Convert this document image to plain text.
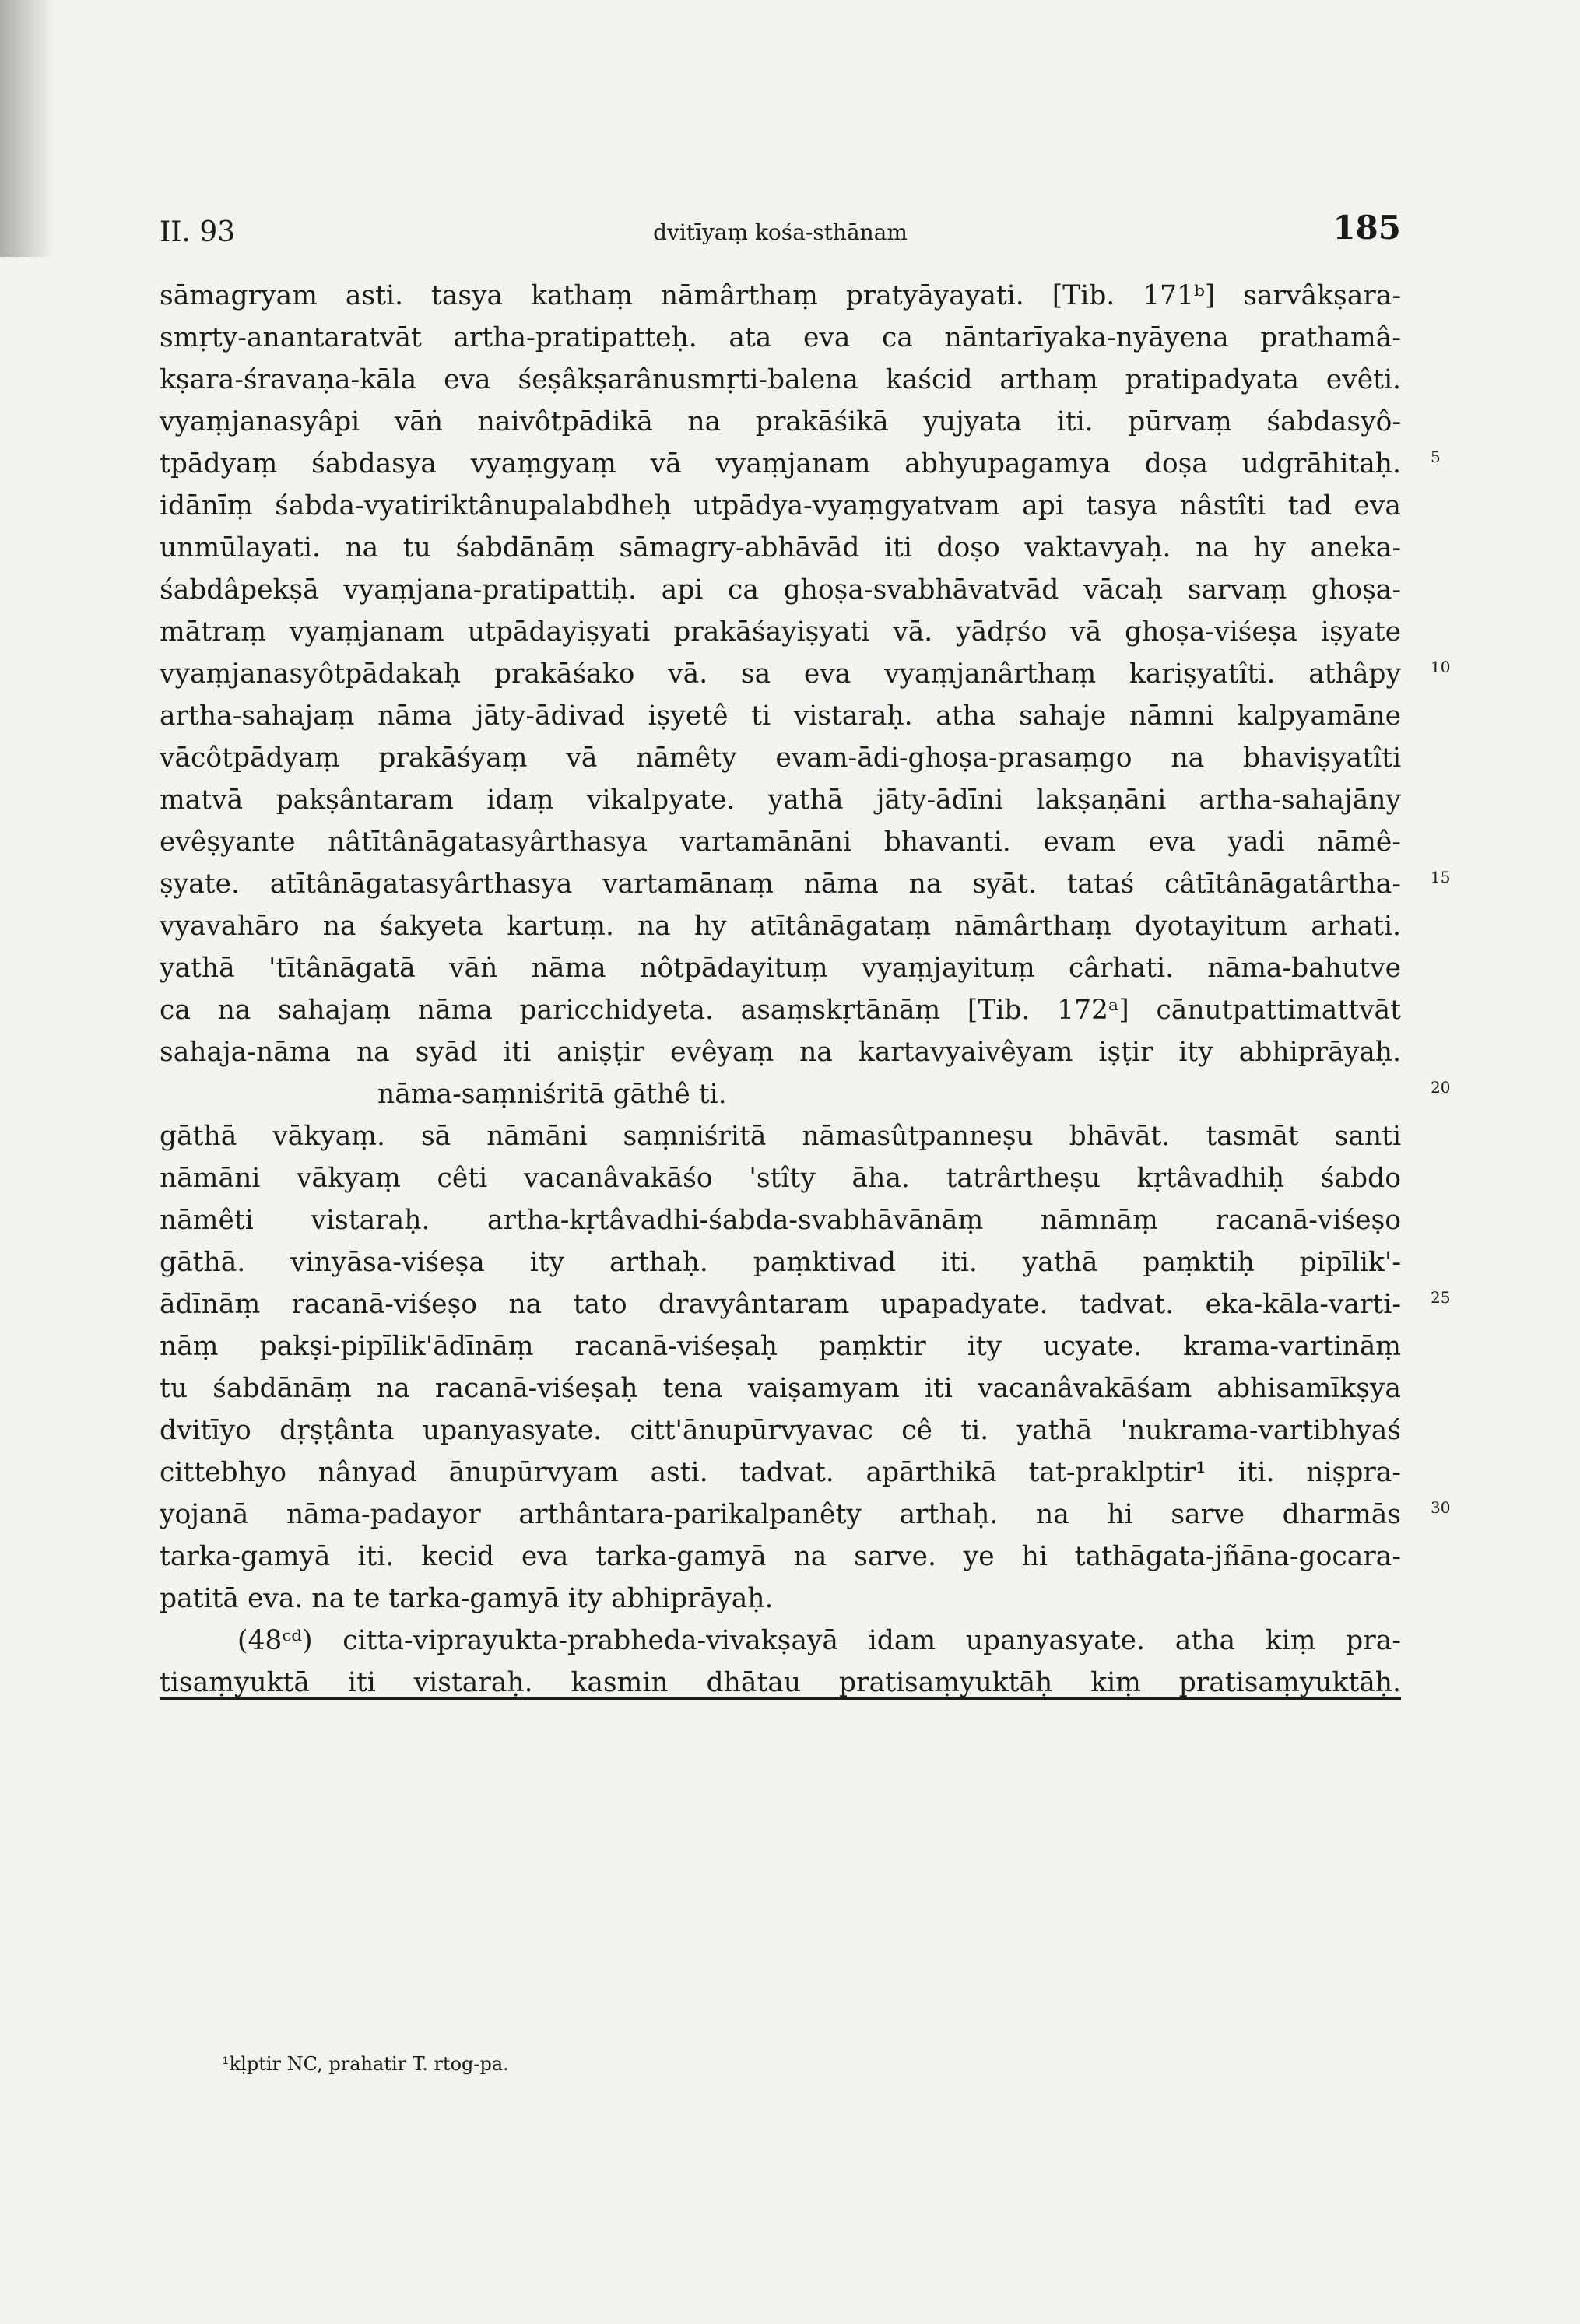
II. 93	dvitīyaṃ kośa-sthānam	185
sāmagryam asti. tasya kathaṃ nāmârthaṃ pratyāyayati. [Tib. 171ᵇ] sarvâkṣara-
smṛty-anantaratvāt artha-pratipatteḥ. ata eva ca nāntarīyaka-nyāyena prathamâ-
kṣara-śravaṇa-kāla eva śeṣâkṣarânusmṛti-balena kaścid arthaṃ pratipadyata evêti.
vyaṃjanasyâpi vāṅ naivôtpādikā na prakāśikā yujyata iti. pūrvaṃ śabdasyô-
tpādyaṃ śabdasya vyaṃgyaṃ vā vyaṃjanam abhyupagamya doṣa udgrāhitaḥ.
idānīṃ śabda-vyatiriktânupalabdheḥ utpādya-vyaṃgyatvam api tasya nâstîti tad eva
unmūlayati. na tu śabdānāṃ sāmagry-abhāvād iti doṣo vaktavyaḥ. na hy aneka-
śabdâpekṣā vyaṃjana-pratipattiḥ. api ca ghoṣa-svabhāvatvād vācaḥ sarvaṃ ghoṣa-
mātraṃ vyaṃjanam utpādayiṣyati prakāśayiṣyati vā. yādṛśo vā ghoṣa-viśeṣa iṣyate
vyaṃjanasyôtpādakaḥ prakāśako vā. sa eva vyaṃjanârthaṃ kariṣyatîti. athâpy
artha-sahajaṃ nāma jāty-ādivad iṣyetê ti vistaraḥ. atha sahaje nāmni kalpyamāne
vācôtpādyaṃ prakāśyaṃ vā nāmêty evam-ādi-ghoṣa-prasaṃgo na bhaviṣyatîti
matvā pakṣântaram idaṃ vikalpyate. yathā jāty-ādīni lakṣaṇāni artha-sahajāny
evêṣyante nâtītânāgatasyârthasya vartamānāni bhavanti. evam eva yadi nāmê-
ṣyate. atītânāgatasyârthasya vartamānaṃ nāma na syāt. tataś câtītânāgatârtha-
vyavahāro na śakyeta kartuṃ. na hy atītânāgataṃ nāmârthaṃ dyotayitum arhati.
yathā 'tītânāgatā vāṅ nāma nôtpādayituṃ vyaṃjayituṃ cârhati. nāma-bahutve
ca na sahajaṃ nāma paricchidyeta. asaṃskṛtānāṃ [Tib. 172ᵃ] cānutpattimattvāt
sahaja-nāma na syād iti aniṣṭir evêyaṃ na kartavyaivêyam iṣṭir ity abhiprāyaḥ.
nāma-saṃniśritā gāthê ti.
gāthā vākyaṃ. sā nāmāni saṃniśritā nāmasûtpanneṣu bhāvāt. tasmāt santi
nāmāni vākyaṃ cêti vacanâvakāśo 'stîty āha. tatrârtheṣu kṛtâvadhiḥ śabdo
nāmêti vistaraḥ. artha-kṛtâvadhi-śabda-svabhāvānāṃ nāmnāṃ racanā-viśeṣo
gāthā. vinyāsa-viśeṣa ity arthaḥ. paṃktivad iti. yathā paṃktiḥ pipīlik'-
ādīnāṃ racanā-viśeṣo na tato dravyântaram upapadyate. tadvat. eka-kāla-varti-
nāṃ pakṣi-pipīlik'ādīnāṃ racanā-viśeṣaḥ paṃktir ity ucyate. krama-vartināṃ
tu śabdānāṃ na racanā-viśeṣaḥ tena vaiṣamyam iti vacanâvakāśam abhisamīkṣya
dvitīyo dṛṣṭânta upanyasyate. citt'ānupūrvyavac cê ti. yathā 'nukrama-vartibhyaś
cittebhyo nânyad ānupūrvyam asti. tadvat. apārthikā tat-praklptir¹ iti. niṣpra-
yojanā nāma-padayor arthântara-parikalpanêty arthaḥ. na hi sarve dharmās
tarka-gamyā iti. kecid eva tarka-gamyā na sarve. ye hi tathāgata-jñāna-gocara-
patitā eva. na te tarka-gamyā ity abhiprāyaḥ.
(48ᶜᵈ) citta-viprayukta-prabheda-vivakṣayā idam upanyasyate. atha kiṃ pra-
tisaṃyuktā iti vistaraḥ. kasmin dhātau pratisaṃyuktāḥ kiṃ pratisaṃyuktāḥ.
5
10
15
20
25
30
¹kḷptir NC, prahatir T. rtog-pa.
